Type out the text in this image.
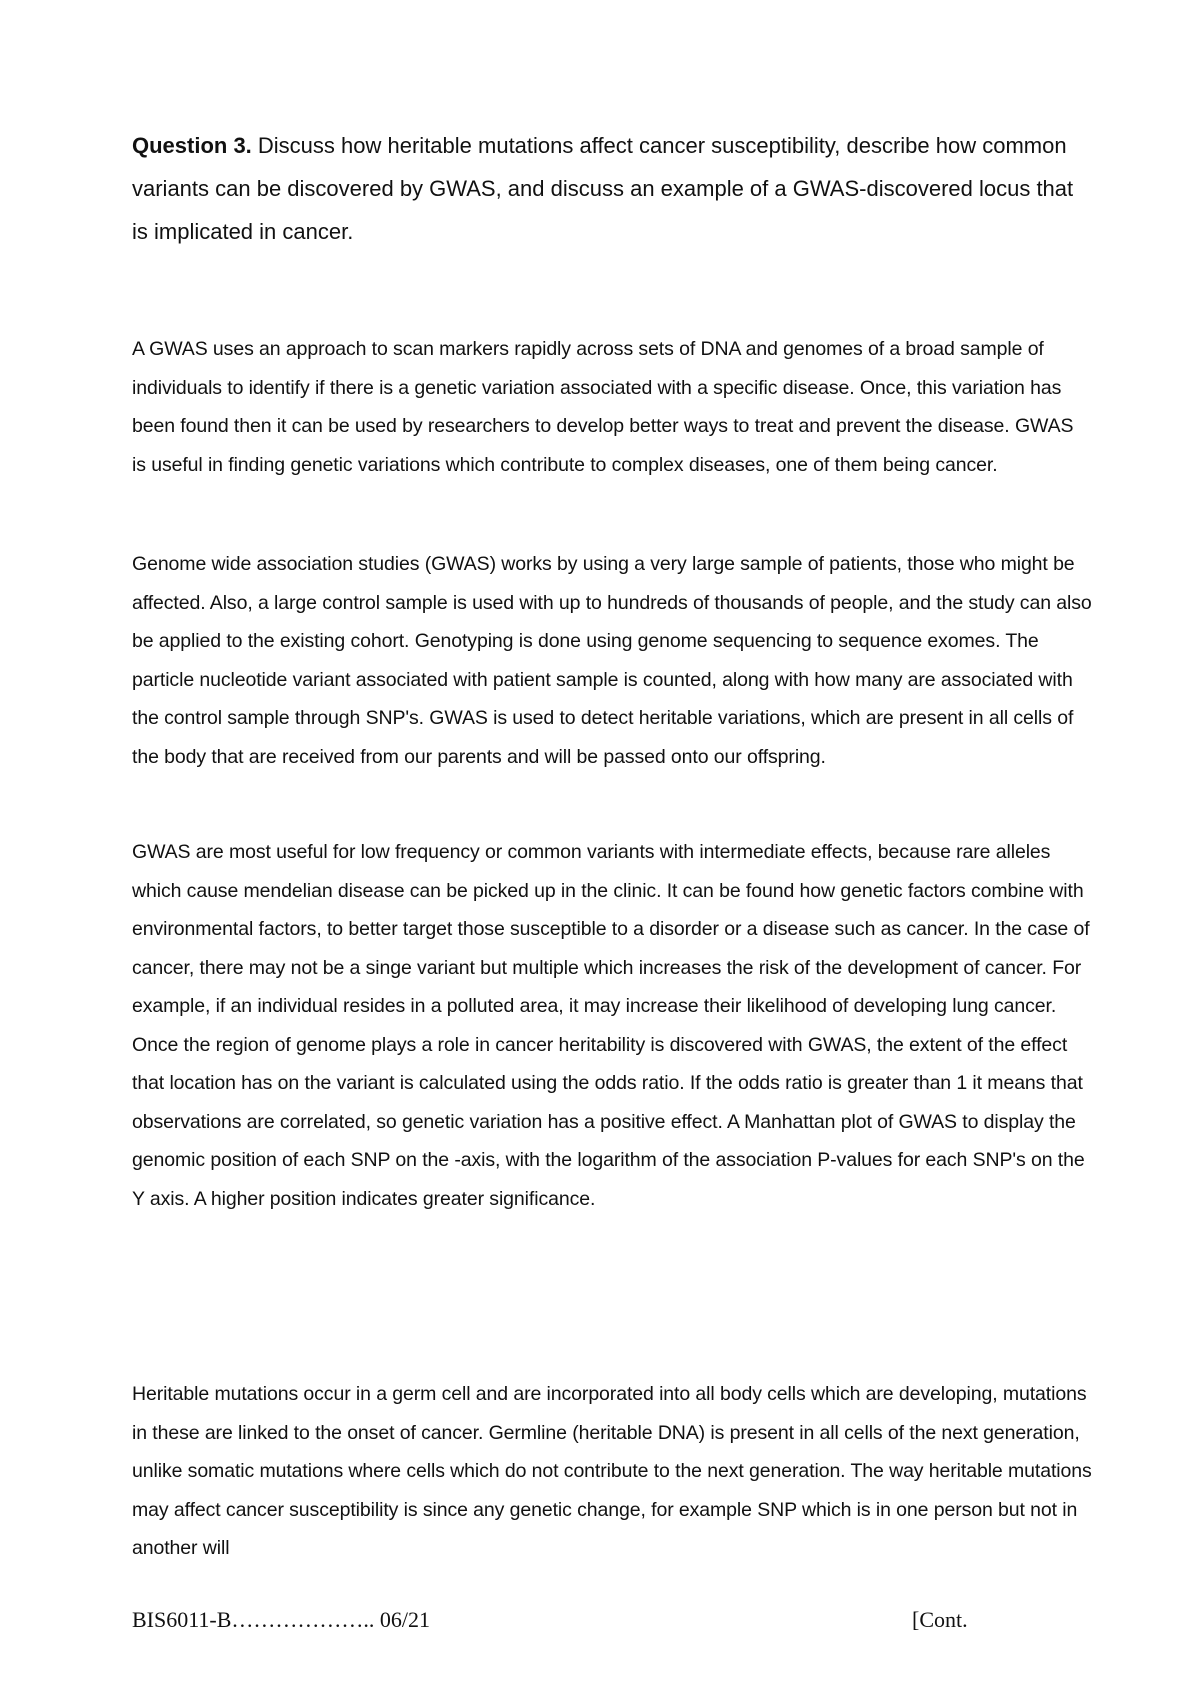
Question 3. Discuss how heritable mutations affect cancer susceptibility, describe how common variants can be discovered by GWAS, and discuss an example of a GWAS-discovered locus that is implicated in cancer.

A GWAS uses an approach to scan markers rapidly across sets of DNA and genomes of a broad sample of individuals to identify if there is a genetic variation associated with a specific disease. Once, this variation has been found then it can be used by researchers to develop better ways to treat and prevent the disease. GWAS is useful in finding genetic variations which contribute to complex diseases, one of them being cancer.

Genome wide association studies (GWAS) works by using a very large sample of patients, those who might be affected. Also, a large control sample is used with up to hundreds of thousands of people, and the study can also be applied to the existing cohort. Genotyping is done using genome sequencing to sequence exomes. The particle nucleotide variant associated with patient sample is counted, along with how many are associated with the control sample through SNP's. GWAS is used to detect heritable variations, which are present in all cells of the body that are received from our parents and will be passed onto our offspring.

GWAS are most useful for low frequency or common variants with intermediate effects, because rare alleles which cause mendelian disease can be picked up in the clinic. It can be found how genetic factors combine with environmental factors, to better target those susceptible to a disorder or a disease such as cancer. In the case of cancer, there may not be a singe variant but multiple which increases the risk of the development of cancer. For example, if an individual resides in a polluted area, it may increase their likelihood of developing lung cancer. Once the region of genome plays a role in cancer heritability is discovered with GWAS, the extent of the effect that location has on the variant is calculated using the odds ratio. If the odds ratio is greater than 1 it means that observations are correlated, so genetic variation has a positive effect. A Manhattan plot of GWAS to display the genomic position of each SNP on the -axis, with the logarithm of the association P-values for each SNP's on the Y axis. A higher position indicates greater significance.

Heritable mutations occur in a germ cell and are incorporated into all body cells which are developing, mutations in these are linked to the onset of cancer. Germline (heritable DNA) is present in all cells of the next generation, unlike somatic mutations where cells which do not contribute to the next generation. The way heritable mutations may affect cancer susceptibility is since any genetic change, for example SNP which is in one person but not in another will

BIS6011-B……………….. 06/21	[Cont.
